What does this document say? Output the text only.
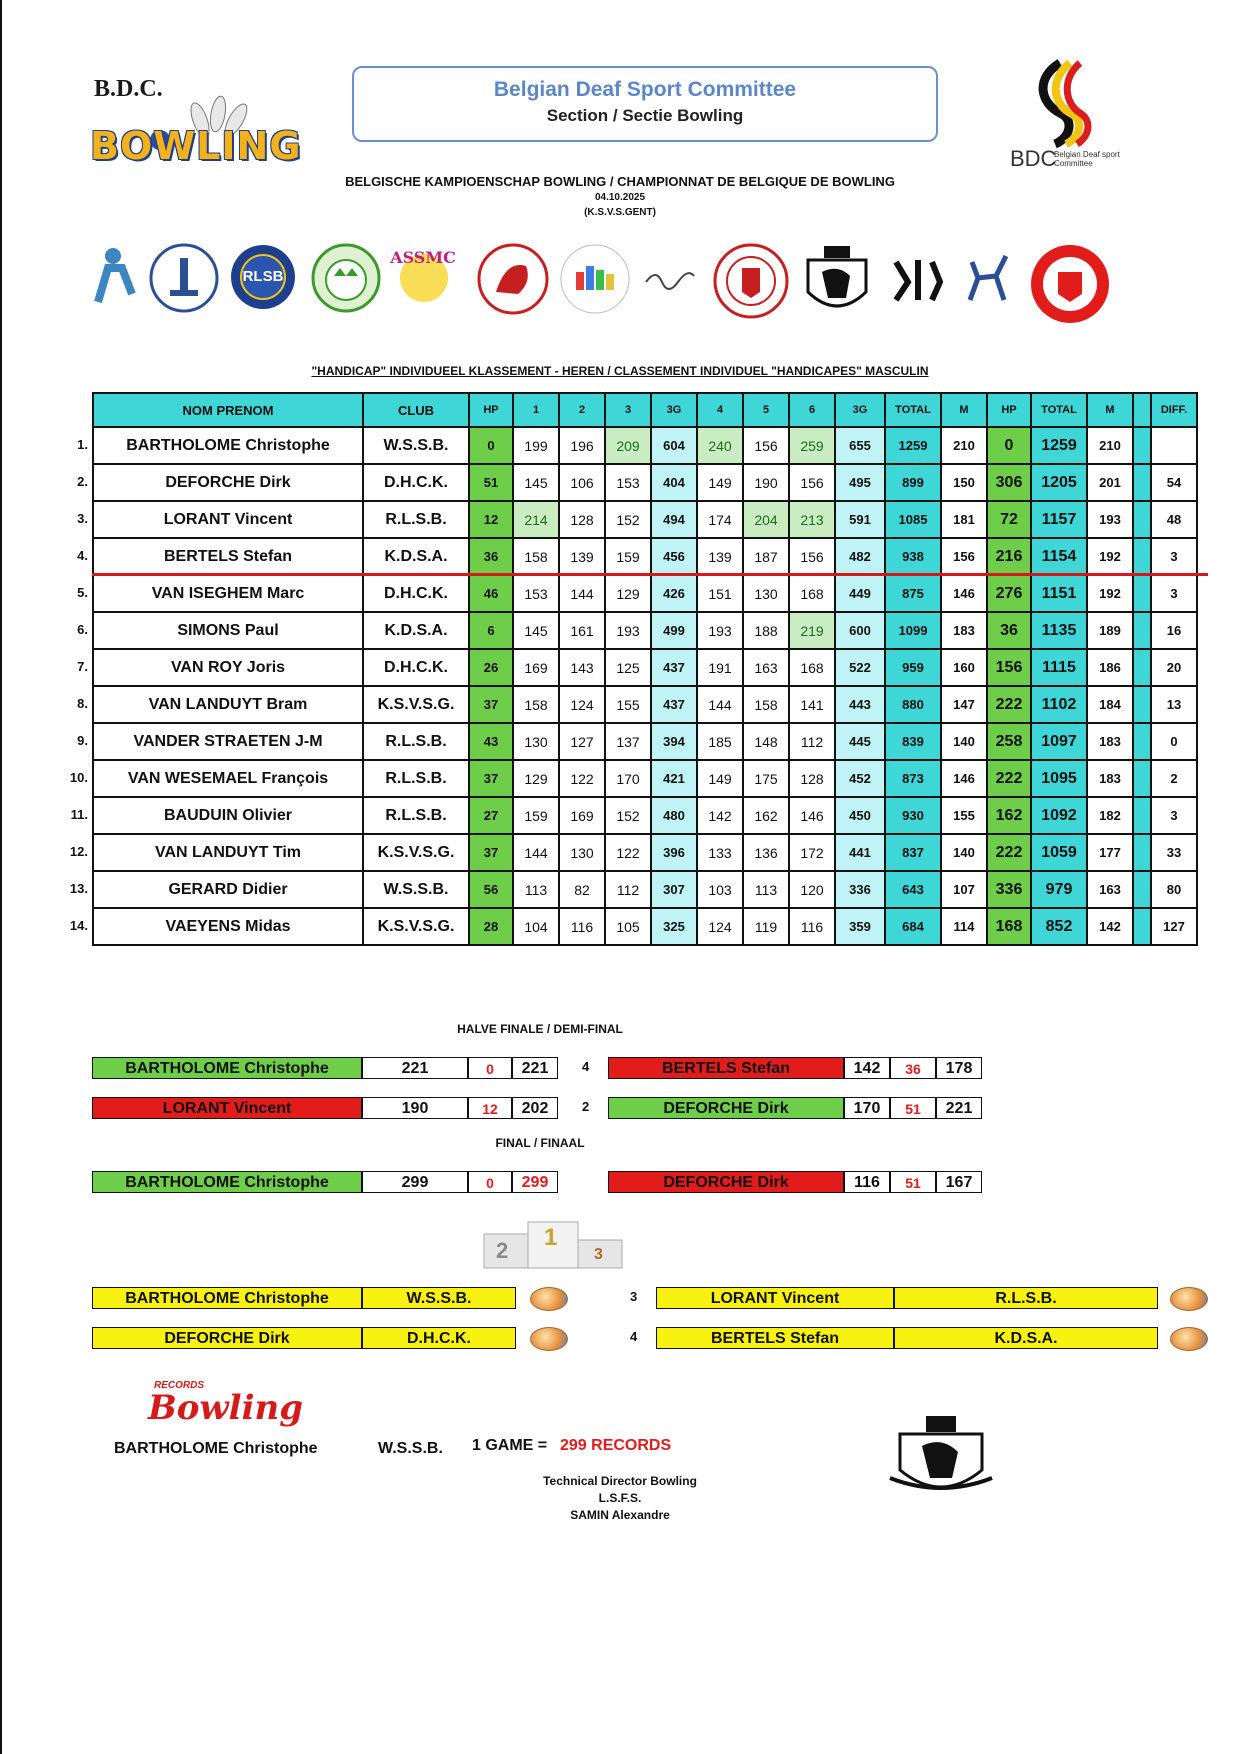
B.D.C.
BOWLING
Belgian Deaf Sport Committee
Section / Sectie Bowling
BDC
Belgian Deaf sport Committee
BELGISCHE KAMPIOENSCHAP BOWLING / CHAMPIONNAT DE BELGIQUE DE BOWLING
04.10.2025
(K.S.V.S.GENT)
RLSB
ASSMC
"HANDICAP" INDIVIDUEEL KLASSEMENT - HEREN / CLASSEMENT INDIVIDUEL "HANDICAPES" MASCULIN
NOM PRENOM	CLUB	HP	1	2	3	3G	4	5	6	3G	TOTAL	M	HP	TOTAL	M		DIFF.
BARTHOLOME Christophe	W.S.S.B.	0	199	196	209	604	240	156	259	655	1259	210	0	1259	210		
DEFORCHE Dirk	D.H.C.K.	51	145	106	153	404	149	190	156	495	899	150	306	1205	201		54
LORANT Vincent	R.L.S.B.	12	214	128	152	494	174	204	213	591	1085	181	72	1157	193		48
BERTELS Stefan	K.D.S.A.	36	158	139	159	456	139	187	156	482	938	156	216	1154	192		3
VAN ISEGHEM Marc	D.H.C.K.	46	153	144	129	426	151	130	168	449	875	146	276	1151	192		3
SIMONS Paul	K.D.S.A.	6	145	161	193	499	193	188	219	600	1099	183	36	1135	189		16
VAN ROY Joris	D.H.C.K.	26	169	143	125	437	191	163	168	522	959	160	156	1115	186		20
VAN LANDUYT Bram	K.S.V.S.G.	37	158	124	155	437	144	158	141	443	880	147	222	1102	184		13
VANDER STRAETEN J-M	R.L.S.B.	43	130	127	137	394	185	148	112	445	839	140	258	1097	183		0
VAN WESEMAEL François	R.L.S.B.	37	129	122	170	421	149	175	128	452	873	146	222	1095	183		2
BAUDUIN Olivier	R.L.S.B.	27	159	169	152	480	142	162	146	450	930	155	162	1092	182		3
VAN LANDUYT Tim	K.S.V.S.G.	37	144	130	122	396	133	136	172	441	837	140	222	1059	177		33
GERARD Didier	W.S.S.B.	56	113	82	112	307	103	113	120	336	643	107	336	979	163		80
VAEYENS Midas	K.S.V.S.G.	28	104	116	105	325	124	119	116	359	684	114	168	852	142		127
1.
2.
3.
4.
5.
6.
7.
8.
9.
10.
11.
12.
13.
14.
HALVE FINALE / DEMI-FINAL
BARTHOLOME Christophe	221	0	221	4	BERTELS Stefan	142	36	178
LORANT Vincent	190	12	202	2	DEFORCHE Dirk	170	51	221
FINAL / FINAAL
BARTHOLOME Christophe	299	0	299	DEFORCHE Dirk	116	51	167
2 1
3
BARTHOLOME Christophe	W.S.S.B.	3	LORANT Vincent	R.L.S.B.
DEFORCHE Dirk	D.H.C.K.	4	BERTELS Stefan	K.D.S.A.
RECORDS
Bowling
BARTHOLOME Christophe	W.S.S.B. 1 GAME = 299 RECORDS
Technical Director Bowling
L.S.F.S.
SAMIN Alexandre
